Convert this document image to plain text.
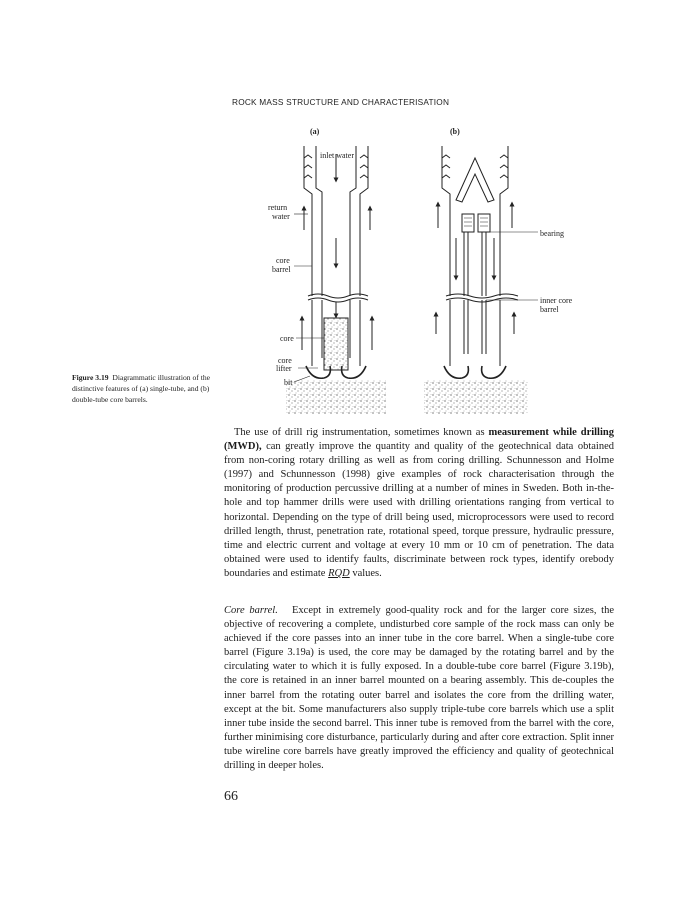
ROCK MASS STRUCTURE AND CHARACTERISATION
(a)	(b)
inlet water
return
water
core
barrel
core
core
lifter
bit
bearing
inner core
barrel
Figure 3.19 Diagrammatic illustration of the distinctive features of (a) single-tube, and (b) double-tube core barrels.
The use of drill rig instrumentation, sometimes known as measurement while drilling (MWD), can greatly improve the quantity and quality of the geotechnical data obtained from non-coring rotary drilling as well as from coring drilling. Schunnesson and Holme (1997) and Schunnesson (1998) give examples of rock characterisation through the monitoring of production percussive drilling at a number of mines in Sweden. Both in-the-hole and top hammer drills were used with drilling orientations ranging from vertical to horizontal. Depending on the type of drill being used, microprocessors were used to record drilled length, thrust, penetration rate, rotational speed, torque pressure, hydraulic pressure, time and electric current and voltage at every 10 mm or 10 cm of penetration. The data obtained were used to identify faults, discriminate between rock types, identify orebody boundaries and estimate RQD values.
Core barrel. Except in extremely good-quality rock and for the larger core sizes, the objective of recovering a complete, undisturbed core sample of the rock mass can only be achieved if the core passes into an inner tube in the core barrel. When a single-tube core barrel (Figure 3.19a) is used, the core may be damaged by the rotating barrel and by the circulating water to which it is fully exposed. In a double-tube core barrel (Figure 3.19b), the core is retained in an inner barrel mounted on a bearing assembly. This de-couples the inner barrel from the rotating outer barrel and isolates the core from the drilling water, except at the bit. Some manufacturers also supply triple-tube core barrels which use a split inner tube inside the second barrel. This inner tube is removed from the barrel with the core, further minimising core disturbance, particularly during and after core extraction. Split inner tube wireline core barrels have greatly improved the efficiency and quality of geotechnical drilling in deeper holes.
66
